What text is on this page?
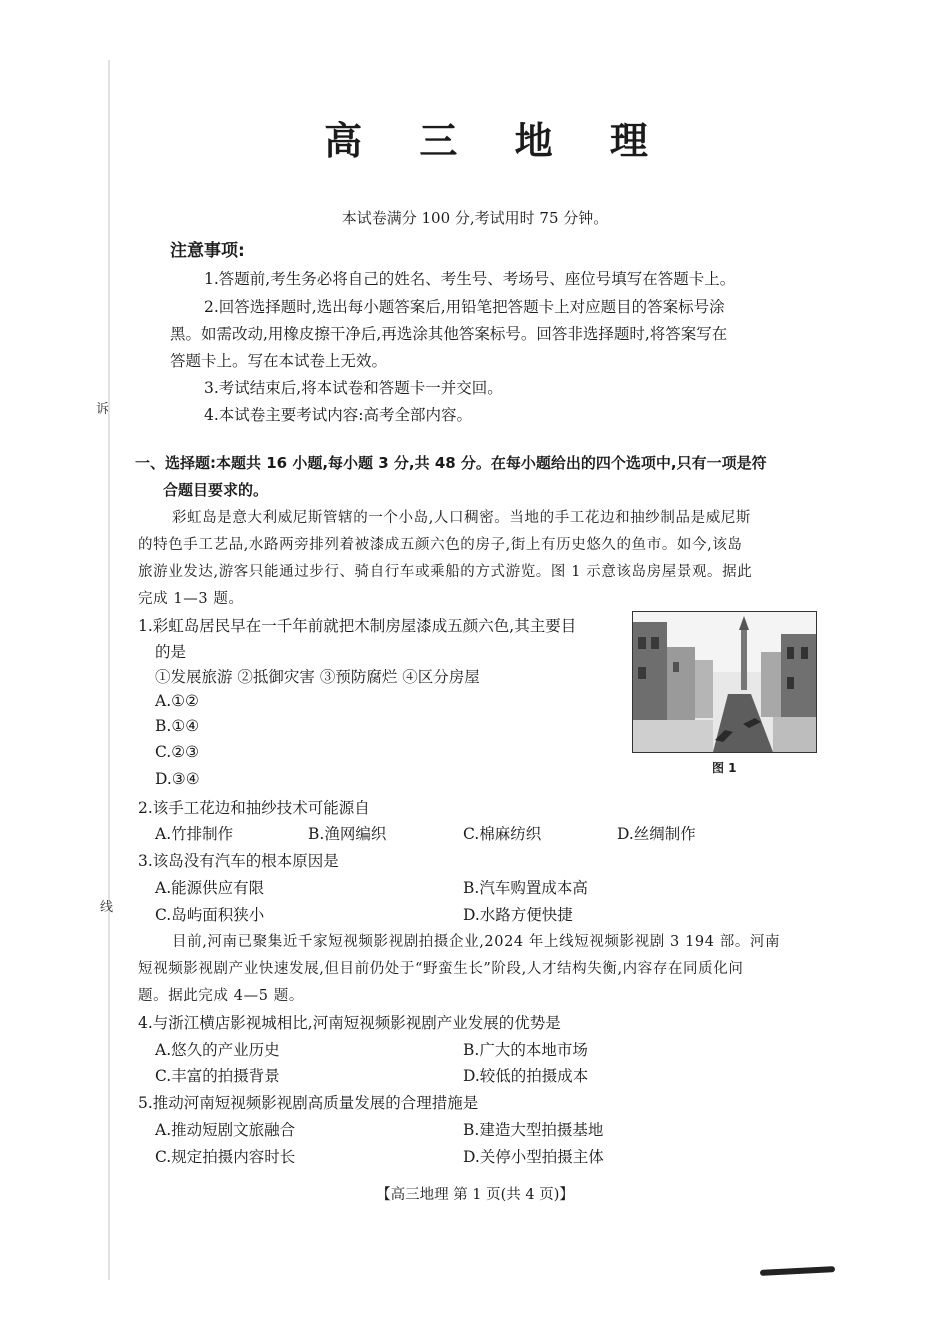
诉
线
高 三 地 理
本试卷满分 100 分,考试用时 75 分钟。
注意事项:
1.答题前,考生务必将自己的姓名、考生号、考场号、座位号填写在答题卡上。
2.回答选择题时,选出每小题答案后,用铅笔把答题卡上对应题目的答案标号涂
黑。如需改动,用橡皮擦干净后,再选涂其他答案标号。回答非选择题时,将答案写在
答题卡上。写在本试卷上无效。
3.考试结束后,将本试卷和答题卡一并交回。
4.本试卷主要考试内容:高考全部内容。
一、选择题:本题共 16 小题,每小题 3 分,共 48 分。在每小题给出的四个选项中,只有一项是符
合题目要求的。
彩虹岛是意大利威尼斯管辖的一个小岛,人口稠密。当地的手工花边和抽纱制品是威尼斯
的特色手工艺品,水路两旁排列着被漆成五颜六色的房子,街上有历史悠久的鱼市。如今,该岛
旅游业发达,游客只能通过步行、骑自行车或乘船的方式游览。图 1 示意该岛房屋景观。据此
完成 1—3 题。
1.彩虹岛居民早在一千年前就把木制房屋漆成五颜六色,其主要目
的是
①发展旅游 ②抵御灾害 ③预防腐烂 ④区分房屋
A.①②
B.①④
C.②③
D.③④
图 1
2.该手工花边和抽纱技术可能源自
A.竹排制作	B.渔网编织	C.棉麻纺织	D.丝绸制作
3.该岛没有汽车的根本原因是
A.能源供应有限	B.汽车购置成本高
C.岛屿面积狭小	D.水路方便快捷
目前,河南已聚集近千家短视频影视剧拍摄企业,2024 年上线短视频影视剧 3 194 部。河南
短视频影视剧产业快速发展,但目前仍处于“野蛮生长”阶段,人才结构失衡,内容存在同质化问
题。据此完成 4—5 题。
4.与浙江横店影视城相比,河南短视频影视剧产业发展的优势是
A.悠久的产业历史	B.广大的本地市场
C.丰富的拍摄背景	D.较低的拍摄成本
5.推动河南短视频影视剧高质量发展的合理措施是
A.推动短剧文旅融合	B.建造大型拍摄基地
C.规定拍摄内容时长	D.关停小型拍摄主体
【高三地理 第 1 页(共 4 页)】
